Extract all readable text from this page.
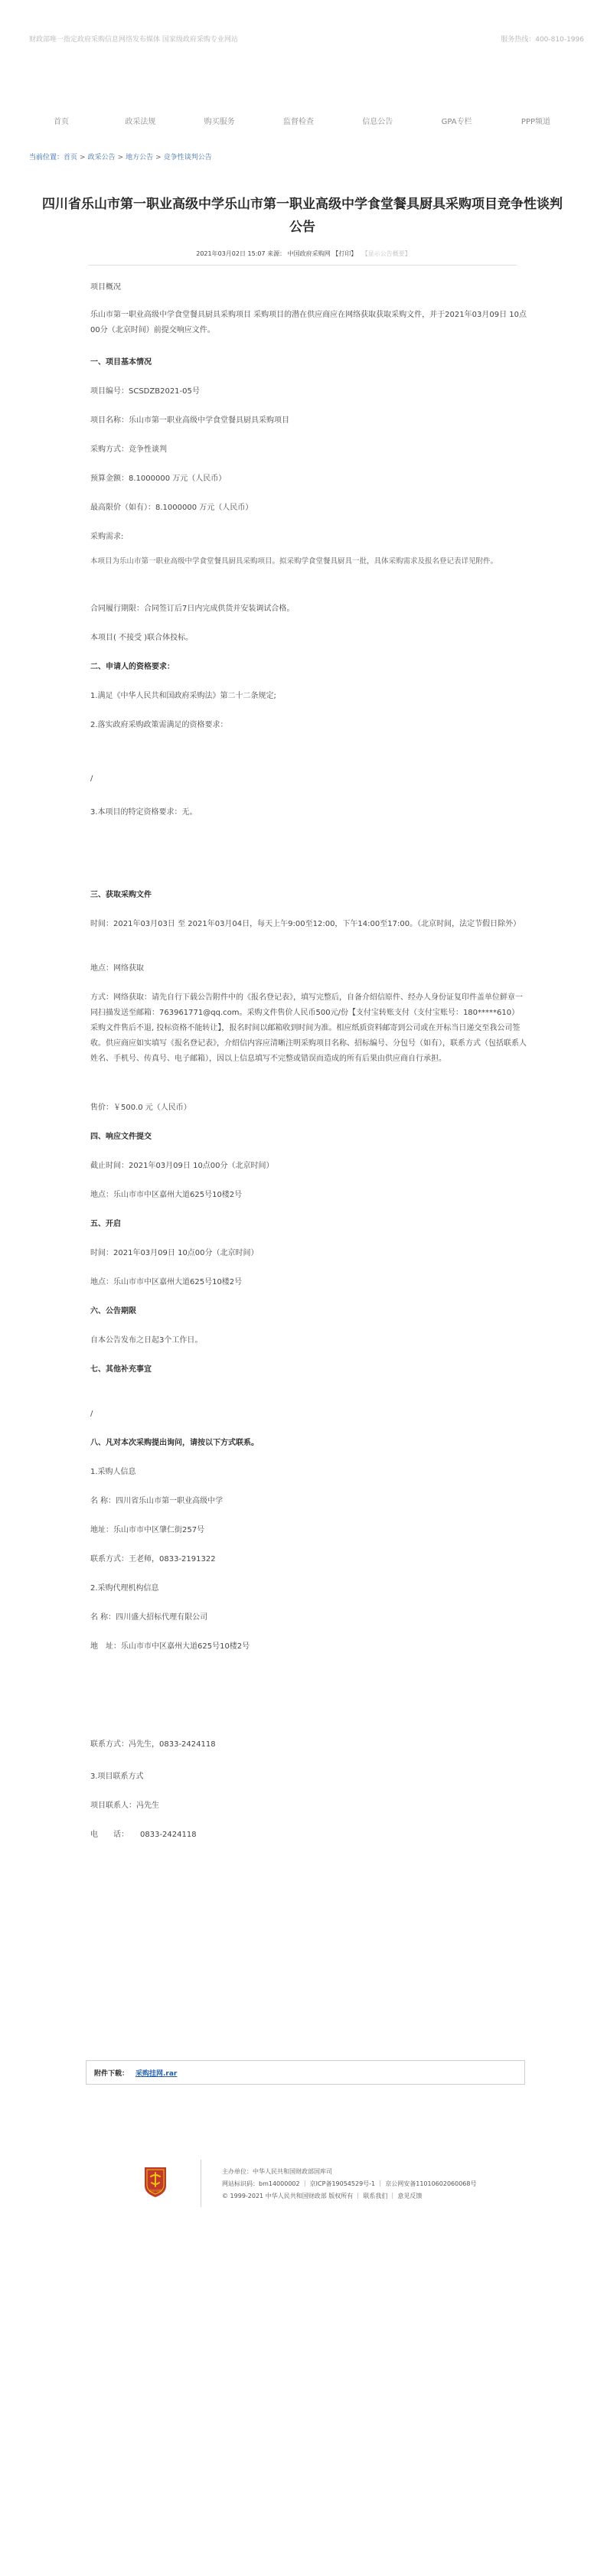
财政部唯一指定政府采购信息网络发布媒体 国家级政府采购专业网站	服务热线：400-810-1996
首页	政采法规	购买服务	监督检查	信息公告	GPA专栏	PPP频道
当前位置：首页 > 政采公告 > 地方公告 > 竞争性谈判公告
四川省乐山市第一职业高级中学乐山市第一职业高级中学食堂餐具厨具采购项目竞争性谈判公告
2021年03月02日 15:07 来源： 中国政府采购网 【打印】 【显示公告概要】

项目概况

乐山市第一职业高级中学食堂餐具厨具采购项目 采购项目的潜在供应商应在网络获取获取采购文件，并于2021年03月09日 10点00分（北京时间）前提交响应文件。

一、项目基本情况

项目编号：SCSDZB2021-05号

项目名称：乐山市第一职业高级中学食堂餐具厨具采购项目

采购方式：竞争性谈判

预算金额：8.1000000 万元（人民币）

最高限价（如有）：8.1000000 万元（人民币）

采购需求:

本项目为乐山市第一职业高级中学食堂餐具厨具采购项目。拟采购学食堂餐具厨具一批，具体采购需求及报名登记表详见附件。

合同履行期限：合同签订后7日内完成供货并安装调试合格。

本项目( 不接受 )联合体投标。

二、申请人的资格要求：

1.满足《中华人民共和国政府采购法》第二十二条规定;

2.落实政府采购政策需满足的资格要求：

/

3.本项目的特定资格要求：无。

三、获取采购文件

时间：2021年03月03日 至 2021年03月04日，每天上午9:00至12:00，下午14:00至17:00。（北京时间，法定节假日除外）

地点：网络获取

方式：网络获取：请先自行下载公告附件中的《报名登记表》，填写完整后，自备介绍信原件、经办人身份证复印件盖单位鲜章一同扫描发送至邮箱：763961771@qq.com。采购文件售价人民币500元/份【支付宝转账支付（支付宝账号：180*****610）采购文件售后不退, 投标资格不能转让】，报名时间以邮箱收到时间为准。相应纸质资料邮寄到公司或在开标当日递交至我公司签收。供应商应如实填写《报名登记表》，介绍信内容应清晰注明采购项目名称、招标编号、分包号（如有），联系方式（包括联系人姓名、手机号、传真号、电子邮箱），因以上信息填写不完整或错误而造成的所有后果由供应商自行承担。

售价：￥500.0 元（人民币）

四、响应文件提交

截止时间：2021年03月09日 10点00分（北京时间）

地点：乐山市市中区嘉州大道625号10楼2号

五、开启

时间：2021年03月09日 10点00分（北京时间）

地点：乐山市市中区嘉州大道625号10楼2号

六、公告期限

自本公告发布之日起3个工作日。

七、其他补充事宜

/

八、凡对本次采购提出询问，请按以下方式联系。

1.采购人信息

名 称：四川省乐山市第一职业高级中学

地址：乐山市市中区肇仁街257号

联系方式：王老师，0833-2191322

2.采购代理机构信息

名 称：四川盛大招标代理有限公司

地　址：乐山市市中区嘉州大道625号10楼2号

联系方式：冯先生，0833-2424118

3.项目联系方式

项目联系人：冯先生

电　　话：　　0833-2424118

附件下载： 采购挂网.rar
政府采购
主办单位：中华人民共和国财政部国库司
网站标识码：bm14000002 ｜ 京ICP备19054529号-1 ｜ 京公网安备11010602060068号
© 1999-2021 中华人民共和国财政部 版权所有 ｜ 联系我们 ｜ 意见反馈
